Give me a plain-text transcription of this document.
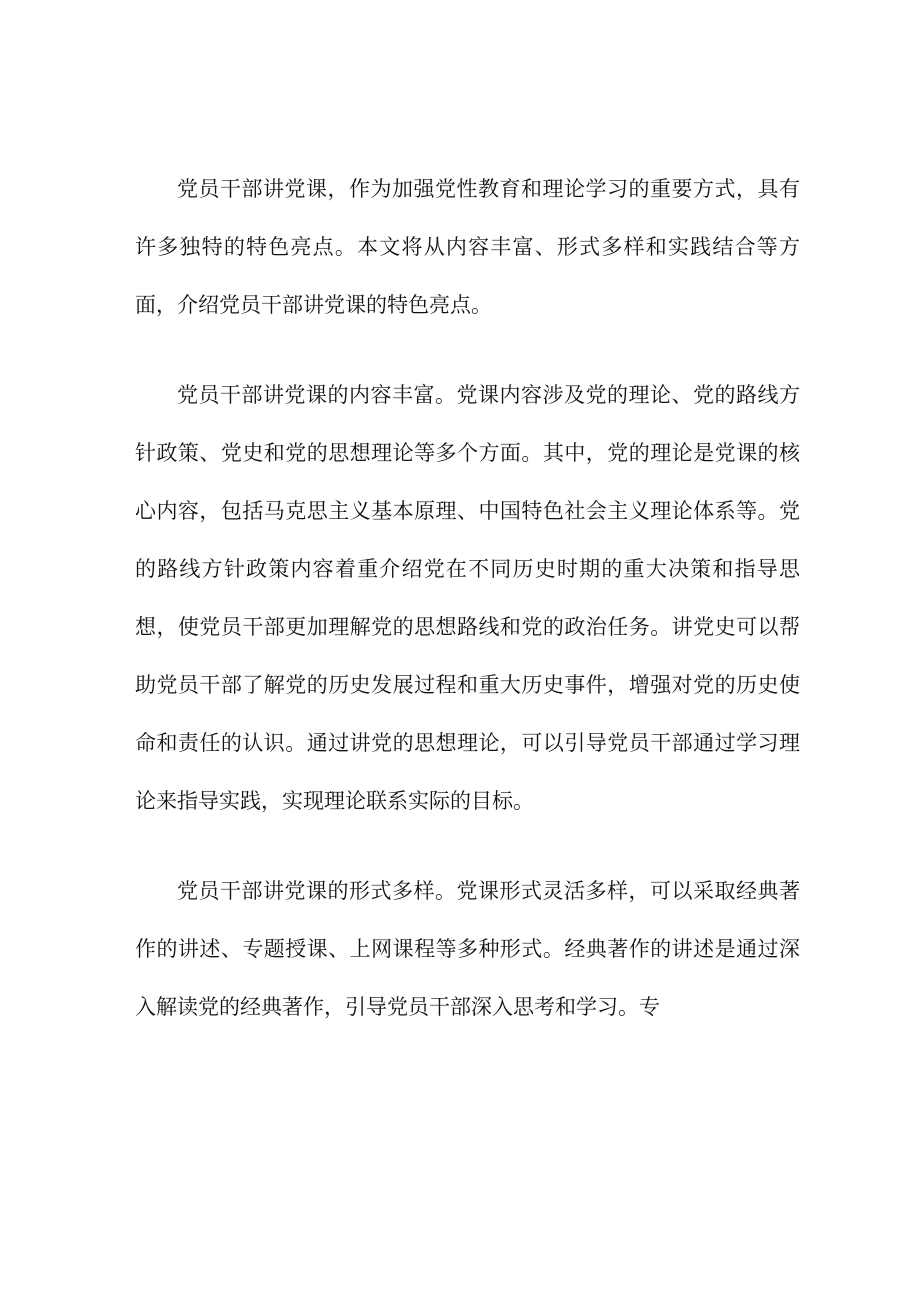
党员干部讲党课，作为加强党性教育和理论学习的重要方式，具有许多独特的特色亮点。本文将从内容丰富、形式多样和实践结合等方面，介绍党员干部讲党课的特色亮点。

党员干部讲党课的内容丰富。党课内容涉及党的理论、党的路线方针政策、党史和党的思想理论等多个方面。其中，党的理论是党课的核心内容，包括马克思主义基本原理、中国特色社会主义理论体系等。党的路线方针政策内容着重介绍党在不同历史时期的重大决策和指导思想，使党员干部更加理解党的思想路线和党的政治任务。讲党史可以帮助党员干部了解党的历史发展过程和重大历史事件，增强对党的历史使命和责任的认识。通过讲党的思想理论，可以引导党员干部通过学习理论来指导实践，实现理论联系实际的目标。

党员干部讲党课的形式多样。党课形式灵活多样，可以采取经典著作的讲述、专题授课、上网课程等多种形式。经典著作的讲述是通过深入解读党的经典著作，引导党员干部深入思考和学习。专
